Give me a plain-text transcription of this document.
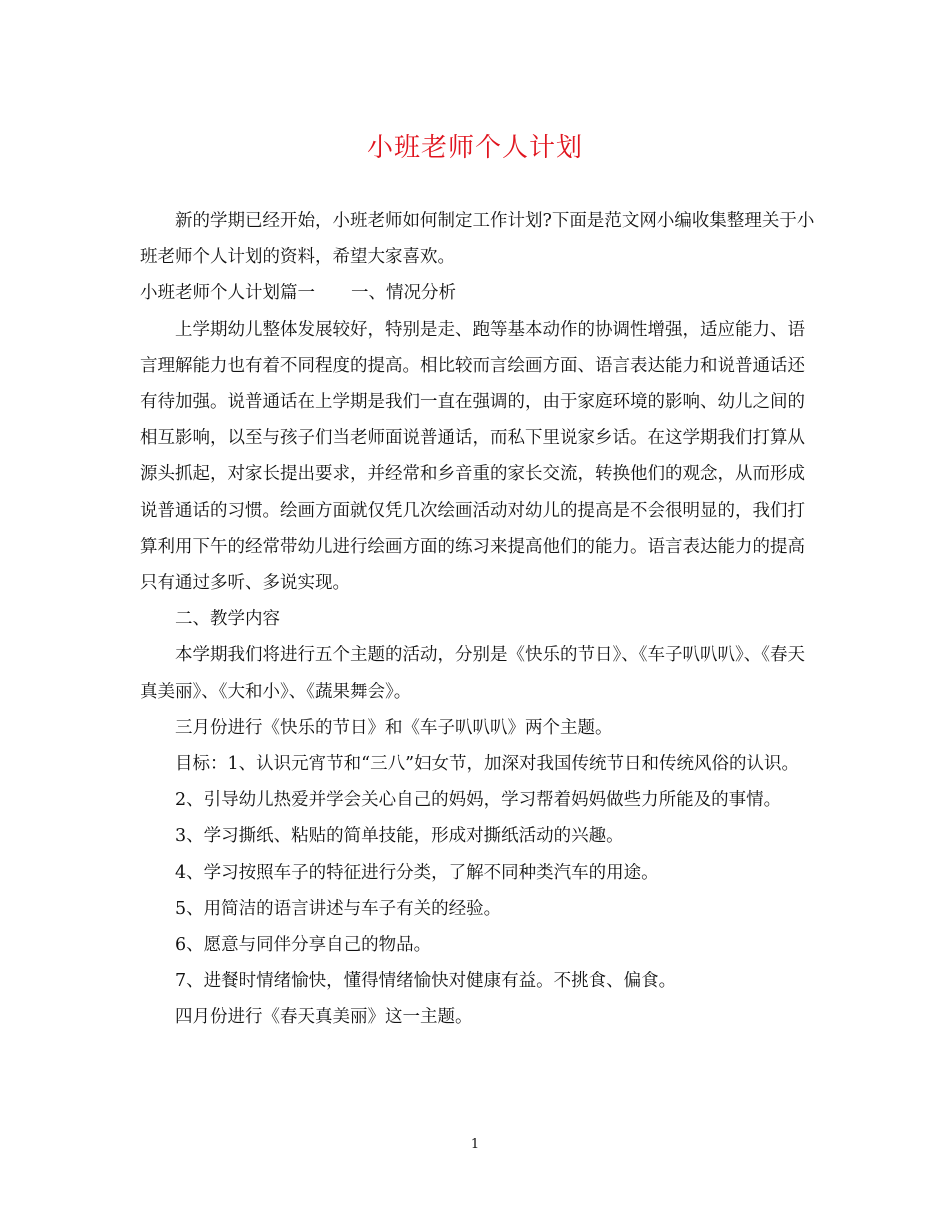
小班老师个人计划

新的学期已经开始，小班老师如何制定工作计划?下面是范文网小编收集整理关于小班老师个人计划的资料，希望大家喜欢。

小班老师个人计划篇一 一、情况分析

上学期幼儿整体发展较好，特别是走、跑等基本动作的协调性增强，适应能力、语言理解能力也有着不同程度的提高。相比较而言绘画方面、语言表达能力和说普通话还有待加强。说普通话在上学期是我们一直在强调的，由于家庭环境的影响、幼儿之间的相互影响，以至与孩子们当老师面说普通话，而私下里说家乡话。在这学期我们打算从源头抓起，对家长提出要求，并经常和乡音重的家长交流，转换他们的观念，从而形成说普通话的习惯。绘画方面就仅凭几次绘画活动对幼儿的提高是不会很明显的，我们打算利用下午的经常带幼儿进行绘画方面的练习来提高他们的能力。语言表达能力的提高只有通过多听、多说实现。

二、教学内容

本学期我们将进行五个主题的活动，分别是《快乐的节日》、《车子叭叭叭》、《春天真美丽》、《大和小》、《蔬果舞会》。

三月份进行《快乐的节日》和《车子叭叭叭》两个主题。

目标：1、认识元宵节和“三八”妇女节，加深对我国传统节日和传统风俗的认识。

2、引导幼儿热爱并学会关心自己的妈妈，学习帮着妈妈做些力所能及的事情。

3、学习撕纸、粘贴的简单技能，形成对撕纸活动的兴趣。

4、学习按照车子的特征进行分类，了解不同种类汽车的用途。

5、用简洁的语言讲述与车子有关的经验。

6、愿意与同伴分享自己的物品。

7、进餐时情绪愉快，懂得情绪愉快对健康有益。不挑食、偏食。

四月份进行《春天真美丽》这一主题。

1
